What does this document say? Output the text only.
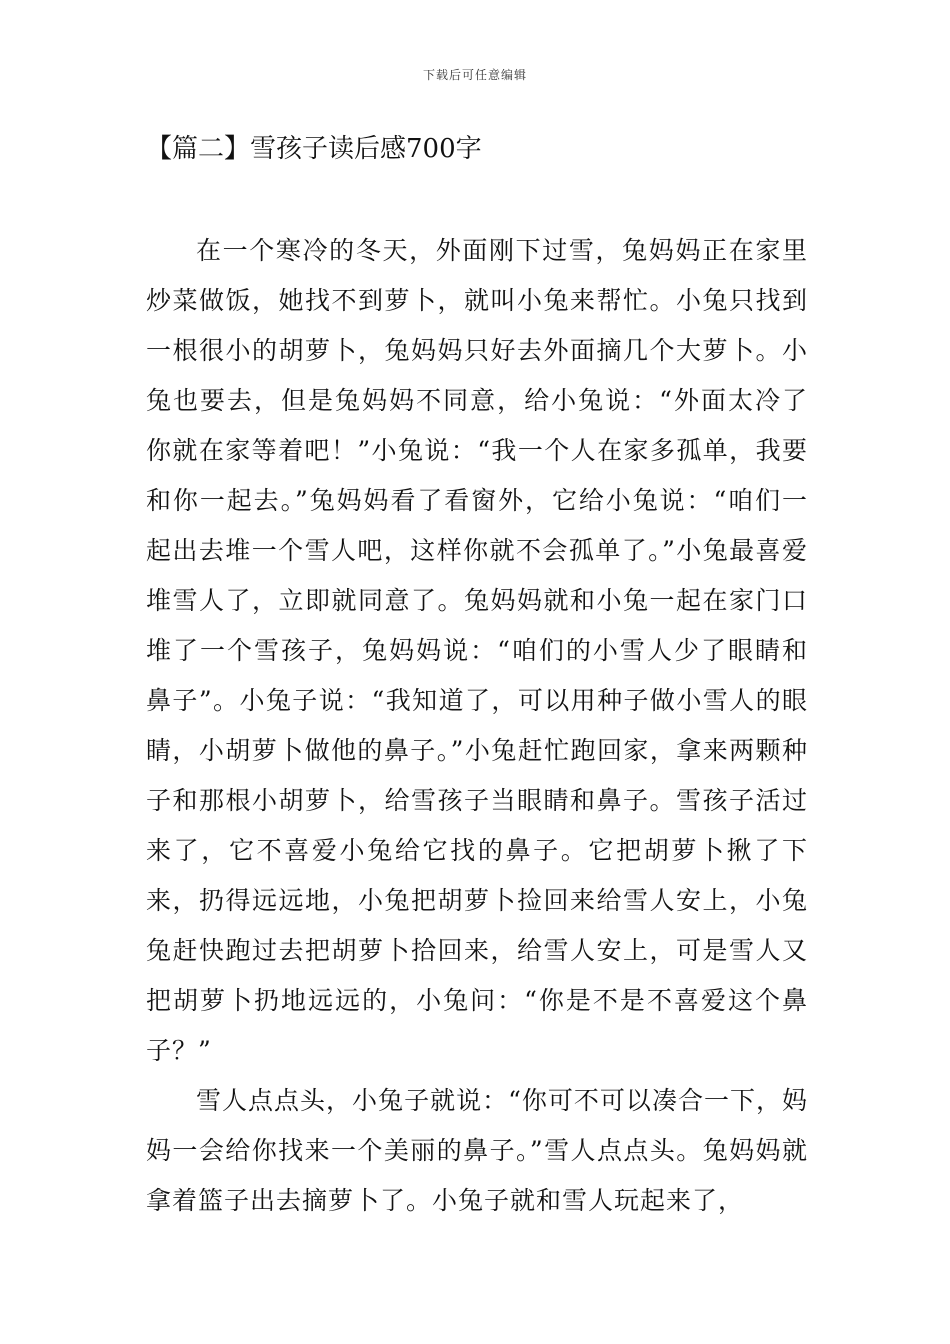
下载后可任意编辑
【篇二】雪孩子读后感700字

在一个寒冷的冬天，外面刚下过雪，兔妈妈正在家里炒菜做饭，她找不到萝卜，就叫小兔来帮忙。小兔只找到一根很小的胡萝卜，兔妈妈只好去外面摘几个大萝卜。小兔也要去，但是兔妈妈不同意，给小兔说：“外面太冷了你就在家等着吧！”小兔说：“我一个人在家多孤单，我要和你一起去。”兔妈妈看了看窗外，它给小兔说：“咱们一起出去堆一个雪人吧，这样你就不会孤单了。”小兔最喜爱堆雪人了，立即就同意了。兔妈妈就和小兔一起在家门口堆了一个雪孩子，兔妈妈说：“咱们的小雪人少了眼睛和鼻子”。小兔子说：“我知道了，可以用种子做小雪人的眼睛，小胡萝卜做他的鼻子。”小兔赶忙跑回家，拿来两颗种子和那根小胡萝卜，给雪孩子当眼睛和鼻子。雪孩子活过来了，它不喜爱小兔给它找的鼻子。它把胡萝卜揪了下来，扔得远远地，小兔把胡萝卜捡回来给雪人安上，小兔兔赶快跑过去把胡萝卜拾回来，给雪人安上，可是雪人又把胡萝卜扔地远远的，小兔问：“你是不是不喜爱这个鼻子？”

雪人点点头，小兔子就说：“你可不可以凑合一下，妈妈一会给你找来一个美丽的鼻子。”雪人点点头。兔妈妈就拿着篮子出去摘萝卜了。小兔子就和雪人玩起来了，
